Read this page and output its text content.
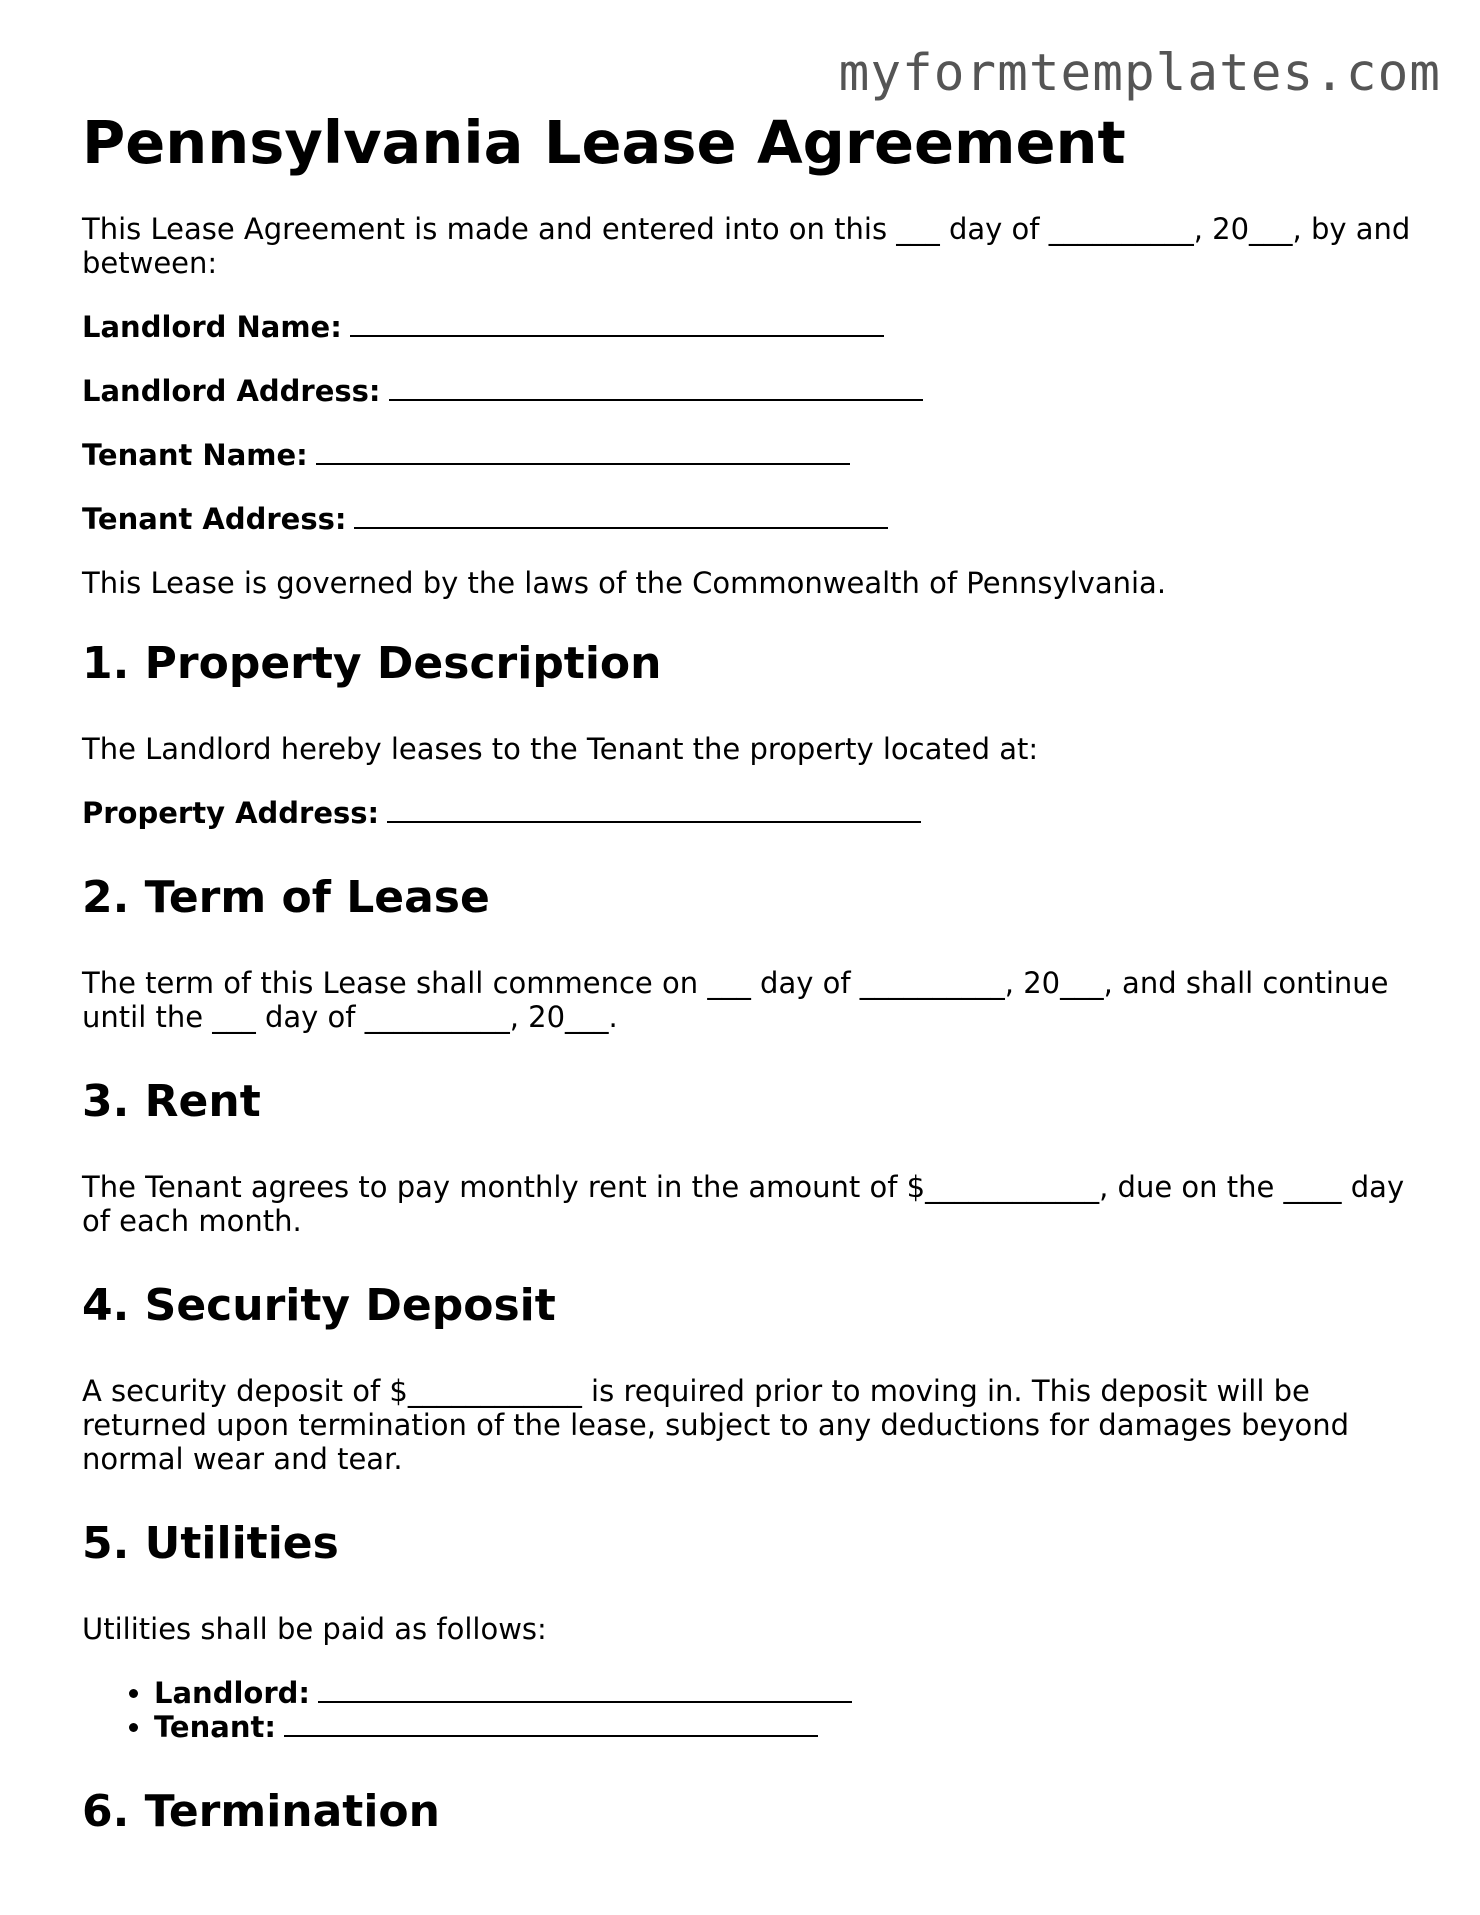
myformtemplates.com
Pennsylvania Lease Agreement

This Lease Agreement is made and entered into on this ___ day of __________, 20___, by and between:

Landlord Name:
Landlord Address:
Tenant Name:
Tenant Address:

This Lease is governed by the laws of the Commonwealth of Pennsylvania.

1. Property Description

The Landlord hereby leases to the Tenant the property located at:

Property Address:
2. Term of Lease

The term of this Lease shall commence on ___ day of __________, 20___, and shall continue until the ___ day of __________, 20___.

3. Rent

The Tenant agrees to pay monthly rent in the amount of $____________, due on the ____ day of each month.

4. Security Deposit

A security deposit of $____________ is required prior to moving in. This deposit will be returned upon termination of the lease, subject to any deductions for damages beyond normal wear and tear.

5. Utilities

Utilities shall be paid as follows:

• Landlord:
• Tenant:
6. Termination
